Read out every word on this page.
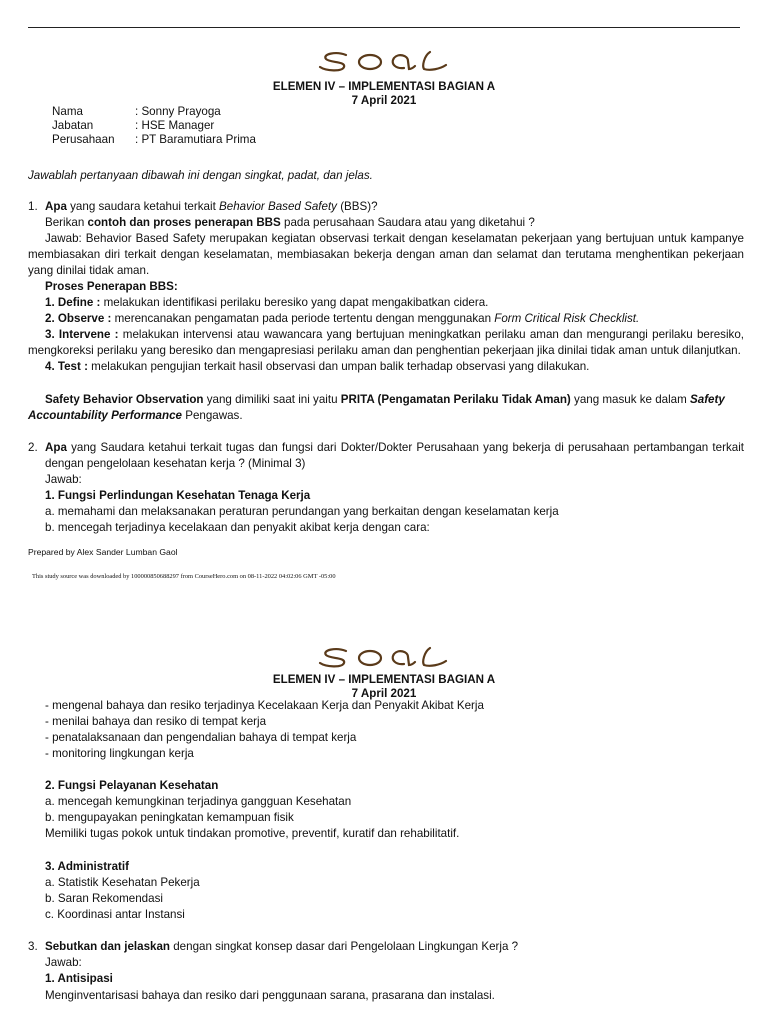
ELEMEN IV – IMPLEMENTASI BAGIAN A
7 April 2021
Nama	: Sonny Prayoga
Jabatan	: HSE Manager
Perusahaan	: PT Baramutiara Prima
Jawablah pertanyaan dibawah ini dengan singkat, padat, dan jelas.
1. Apa yang saudara ketahui terkait Behavior Based Safety (BBS)?
Berikan contoh dan proses penerapan BBS pada perusahaan Saudara atau yang diketahui ?
Jawab: Behavior Based Safety merupakan kegiatan observasi terkait dengan keselamatan pekerjaan yang bertujuan untuk kampanye membiasakan diri terkait dengan keselamatan, membiasakan bekerja dengan aman dan selamat dan terutama menghentikan pekerjaan yang dinilai tidak aman.
Proses Penerapan BBS:
1. Define : melakukan identifikasi perilaku beresiko yang dapat mengakibatkan cidera.
2. Observe : merencanakan pengamatan pada periode tertentu dengan menggunakan Form Critical Risk Checklist.
3. Intervene : melakukan intervensi atau wawancara yang bertujuan meningkatkan perilaku aman dan mengurangi perilaku beresiko, mengkoreksi perilaku yang beresiko dan mengapresiasi perilaku aman dan penghentian pekerjaan jika dinilai tidak aman untuk dilanjutkan.
4. Test : melakukan pengujian terkait hasil observasi dan umpan balik terhadap observasi yang dilakukan.
Safety Behavior Observation yang dimiliki saat ini yaitu PRITA (Pengamatan Perilaku Tidak Aman) yang masuk ke dalam Safety Accountability Performance Pengawas.
2. Apa yang Saudara ketahui terkait tugas dan fungsi dari Dokter/Dokter Perusahaan yang bekerja di perusahaan pertambangan terkait dengan pengelolaan kesehatan kerja ? (Minimal 3)
Jawab:
1. Fungsi Perlindungan Kesehatan Tenaga Kerja
a. memahami dan melaksanakan peraturan perundangan yang berkaitan dengan keselamatan kerja
b. mencegah terjadinya kecelakaan dan penyakit akibat kerja dengan cara:
Prepared by Alex Sander Lumban Gaol
This study source was downloaded by 100000850688297 from CourseHero.com on 08-11-2022 04:02:06 GMT -05:00
ELEMEN IV – IMPLEMENTASI BAGIAN A
7 April 2021
- mengenal bahaya dan resiko terjadinya Kecelakaan Kerja dan Penyakit Akibat Kerja
- menilai bahaya dan resiko di tempat kerja
- penatalaksanaan dan pengendalian bahaya di tempat kerja
- monitoring lingkungan kerja
2. Fungsi Pelayanan Kesehatan
a. mencegah kemungkinan terjadinya gangguan Kesehatan
b. mengupayakan peningkatan kemampuan fisik
Memiliki tugas pokok untuk tindakan promotive, preventif, kuratif dan rehabilitatif.
3. Administratif
a. Statistik Kesehatan Pekerja
b. Saran Rekomendasi
c. Koordinasi antar Instansi
3. Sebutkan dan jelaskan dengan singkat konsep dasar dari Pengelolaan Lingkungan Kerja ?
Jawab:
1. Antisipasi
Menginventarisasi bahaya dan resiko dari penggunaan sarana, prasarana dan instalasi.
